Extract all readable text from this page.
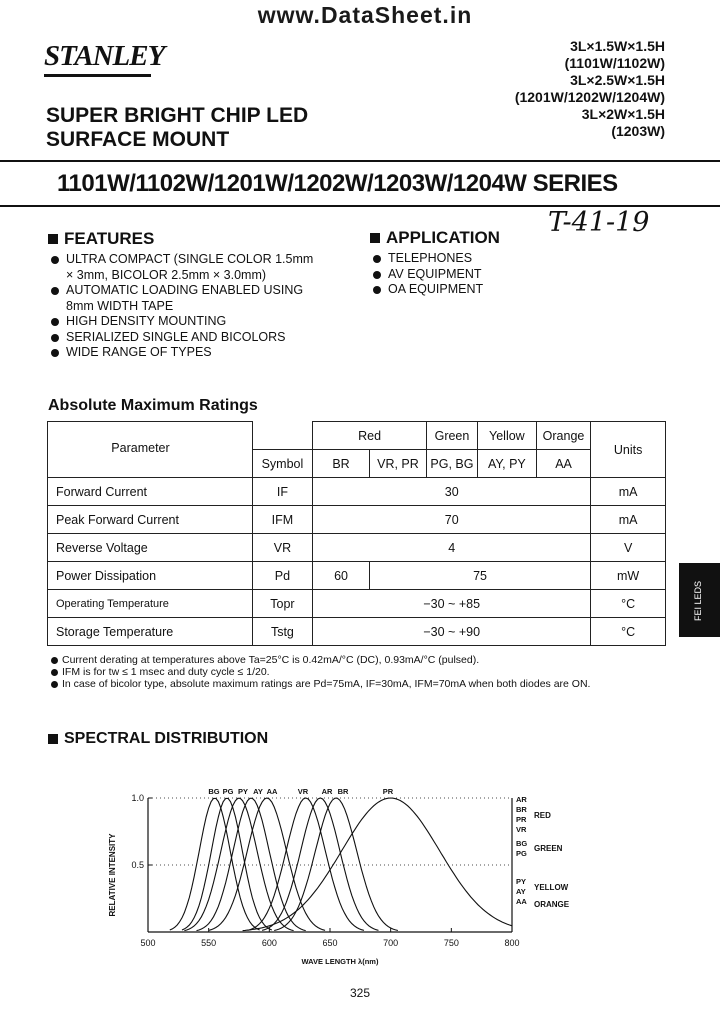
www.DataSheet.in
STANLEY	3L×1.5W×1.5H
(1101W/1102W)
3L×2.5W×1.5H
(1201W/1202W/1204W)
3L×2W×1.5H
(1203W)
SUPER BRIGHT CHIP LED
SURFACE MOUNT
1101W/1102W/1201W/1202W/1203W/1204W SERIES
T-41-19
FEATURES
ULTRA COMPACT (SINGLE COLOR 1.5mm × 3mm, BICOLOR 2.5mm × 3.0mm)
AUTOMATIC LOADING ENABLED USING 8mm WIDTH TAPE
HIGH DENSITY MOUNTING
SERIALIZED SINGLE AND BICOLORS
WIDE RANGE OF TYPES
APPLICATION
TELEPHONES
AV EQUIPMENT
OA EQUIPMENT
Absolute Maximum Ratings
Parameter		Red		Green	Yellow	Orange	Units
	Symbol	BR	VR, PR	PG, BG	AY, PY	AA	
Forward Current	IF	30					mA
Peak Forward Current	IFM	70					mA
Reverse Voltage	VR	4					V
Power Dissipation	Pd	60	75				mW
Operating Temperature	Topr	−30 ~ +85					°C
Storage Temperature	Tstg	−30 ~ +90					°C
Current derating at temperatures above Ta=25°C is 0.42mA/°C (DC), 0.93mA/°C (pulsed).
IFM is for tw ≤ 1 msec and duty cycle ≤ 1/20.
In case of bicolor type, absolute maximum ratings are Pd=75mA, IF=30mA, IFM=70mA when both diodes are ON.
FEI LEDS
SPECTRAL DISTRIBUTION
500	550	600	650	700	750	800
0.5
1.0
WAVE LENGTH λ(nm)
RELATIVE INTENSITY
BG PG PY AY AA	VR AR BR	PR
AR
BR
PR
VR
RED
BG
PG
GREEN
PY
AY YELLOW
AA ORANGE
325
